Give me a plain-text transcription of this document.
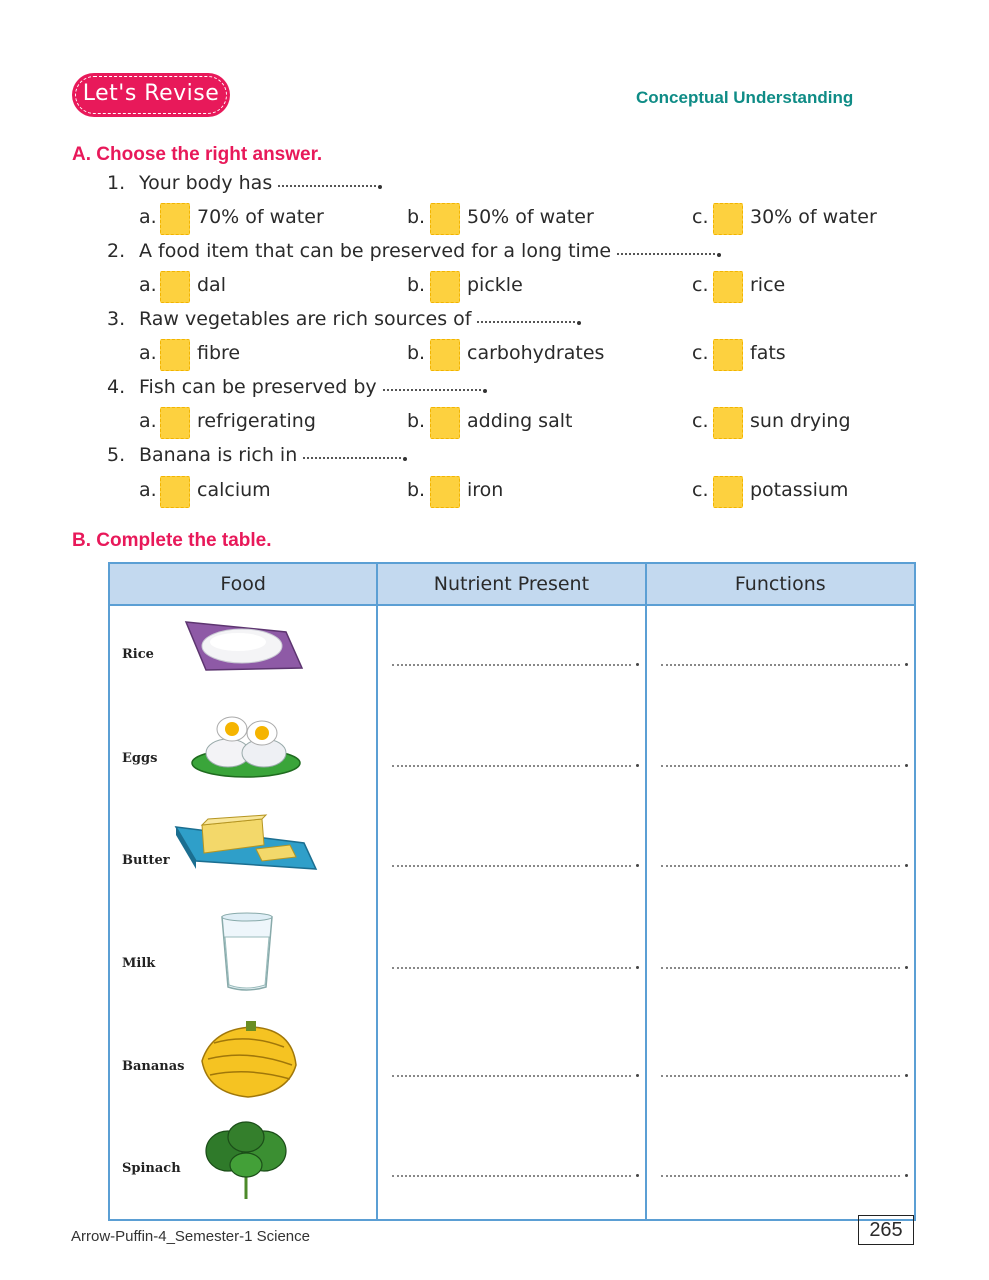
Let's Revise	Conceptual Understanding
A. Choose the right answer.
1. Your body has
a. 70% of water	b. 50% of water	c. 30% of water
2. A food item that can be preserved for a long time
a. dal	b. pickle	c. rice
3. Raw vegetables are rich sources of
a. fibre	b. carbohydrates	c. fats
4. Fish can be preserved by
a. refrigerating	b. adding salt	c. sun drying
5. Banana is rich in
a. calcium	b. iron	c. potassium
B. Complete the table.
Food	Nutrient Present	Functions

Rice		

Eggs		

Butter		

Milk		

Bananas		

Spinach		

Arrow-Puffin-4_Semester-1 Science	265
